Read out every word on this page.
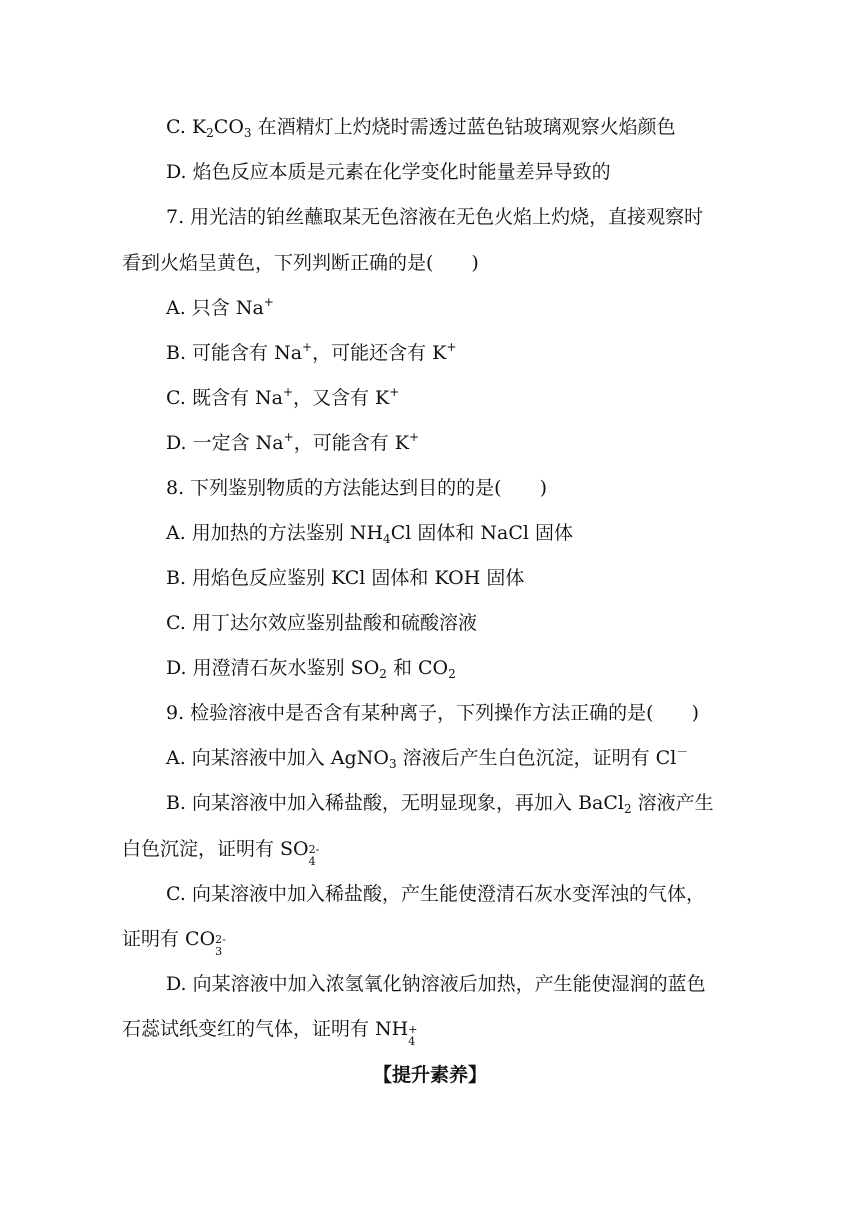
C. $K_2CO_3$ 在酒精灯上灼烧时需透过蓝色钴玻璃观察火焰颜色
D. 焰色反应本质是元素在化学变化时能量差异导致的
7. 用光洁的铂丝蘸取某无色溶液在无色火焰上灼烧，直接观察时
看到火焰呈黄色，下列判断正确的是(　　)
A. 只含 Na+
B. 可能含有 Na+，可能还含有 K+
C. 既含有 Na+，又含有 K+
D. 一定含 Na+，可能含有 K+
8. 下列鉴别物质的方法能达到目的的是(　　)
A. 用加热的方法鉴别 $NH_4Cl$ 固体和 NaCl 固体
B. 用焰色反应鉴别 KCl 固体和 KOH 固体
C. 用丁达尔效应鉴别盐酸和硫酸溶液
D. 用澄清石灰水鉴别 $SO_2$ 和 $CO_2$
9. 检验溶液中是否含有某种离子，下列操作方法正确的是(　　)
A. 向某溶液中加入 AgNO$_3$ 溶液后产生白色沉淀，证明有 Cl－
B. 向某溶液中加入稀盐酸，无明显现象，再加入 BaCl$_2$ 溶液产生
白色沉淀，证明有 SO 2-
4
C. 向某溶液中加入稀盐酸，产生能使澄清石灰水变浑浊的气体，
证明有 CO 2-
3
D. 向某溶液中加入浓氢氧化钠溶液后加热，产生能使湿润的蓝色
石蕊试纸变红的气体，证明有 NH +
4
【提升素养】
